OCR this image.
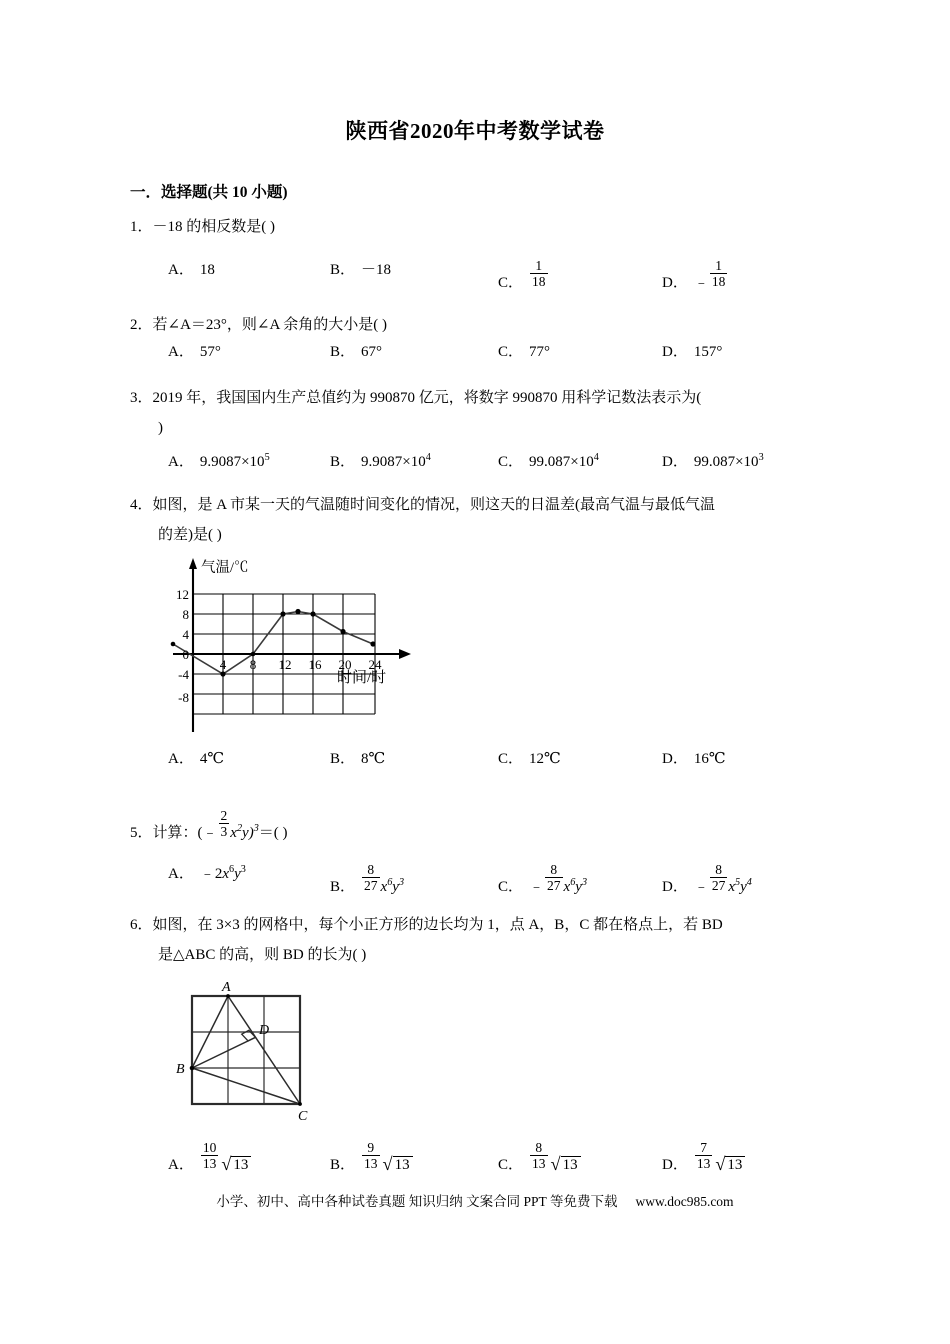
陕西省2020年中考数学试卷
一．选择题(共 10 小题)
1．－18 的相反数是( )
A． 18	B． －18
C． $\frac{1}{18}$	D． ﹣ $\frac{1}{18}$
2．若∠A＝23°，则∠A 余角的大小是( )
A． 57°	B． 67°	C． 77°	D． 157°
3．2019 年，我国国内生产总值约为 990870 亿元，将数字 990870 用科学记数法表示为(
)
A． $9.9087\times 10^5$	B． $9.9087\times 10^4$	C． $99.087\times 10^4$	D． $99.087\times 10^3$
4．如图，是 A 市某一天的气温随时间变化的情况，则这天的日温差(最高气温与最低气温
的差)是( )
12
8
4
0
-4
-8
4 8 12 16 20 24
气温/℃
时间/时
A． 4℃	B． 8℃	C． 12℃	D． 16℃
5．计算：(﹣ $\frac{2}{3} x^2y)^3=$( )
A． $﹣2x^6y^3$
B． $\frac{8}{27} x^6y^3$	C． ﹣ $\frac{8}{27} x^6y^3$	D． ﹣ $\frac{8}{27} x^5y^4$
6．如图，在 3×3 的网格中，每个小正方形的边长均为 1，点 A，B，C 都在格点上，若 BD
是△ABC 的高，则 BD 的长为( )
A
B
C
D
A． $\frac{10}{13}$ √ 13	B． $\frac{9}{13}$ √ 13	C． $\frac{8}{13}$ √ 13	D． $\frac{7}{13}$ √ 13
小学、初中、高中各种试卷真题 知识归纳 文案合同 PPT 等免费下载 www.doc985.com
